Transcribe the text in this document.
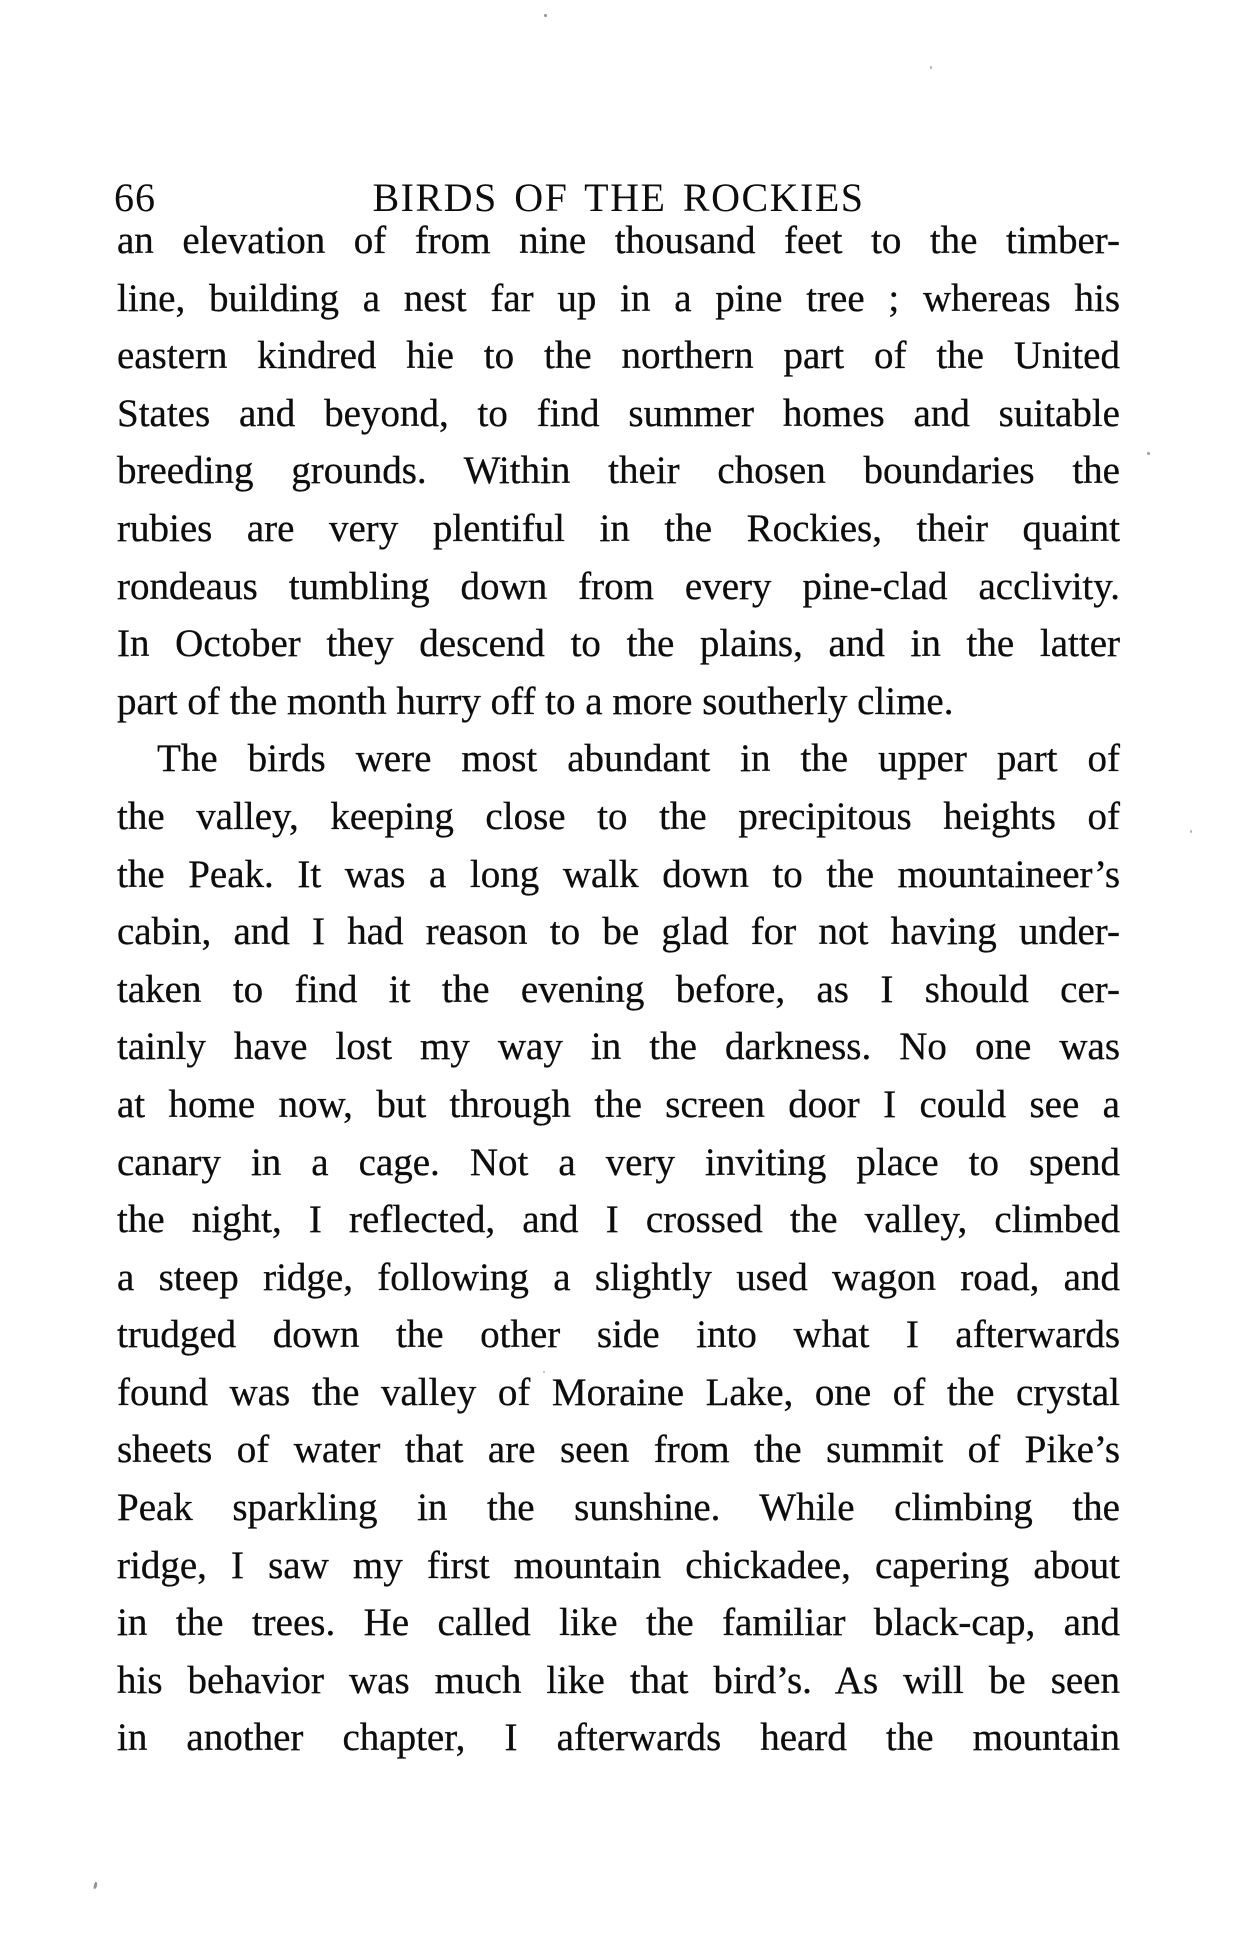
66	BIRDS OF THE ROCKIES
an elevation of from nine thousand feet to the timber-
line, building a nest far up in a pine tree ; whereas his
eastern kindred hie to the northern part of the United
States and beyond, to find summer homes and suitable
breeding grounds. Within their chosen boundaries the
rubies are very plentiful in the Rockies, their quaint
rondeaus tumbling down from every pine-clad acclivity.
In October they descend to the plains, and in the latter
part of the month hurry off to a more southerly clime.
The birds were most abundant in the upper part of
the valley, keeping close to the precipitous heights of
the Peak. It was a long walk down to the mountaineer’s
cabin, and I had reason to be glad for not having under-
taken to find it the evening before, as I should cer-
tainly have lost my way in the darkness. No one was
at home now, but through the screen door I could see a
canary in a cage. Not a very inviting place to spend
the night, I reflected, and I crossed the valley, climbed
a steep ridge, following a slightly used wagon road, and
trudged down the other side into what I afterwards
found was the valley of Moraine Lake, one of the crystal
sheets of water that are seen from the summit of Pike’s
Peak sparkling in the sunshine. While climbing the
ridge, I saw my first mountain chickadee, capering about
in the trees. He called like the familiar black-cap, and
his behavior was much like that bird’s. As will be seen
in another chapter, I afterwards heard the mountain
